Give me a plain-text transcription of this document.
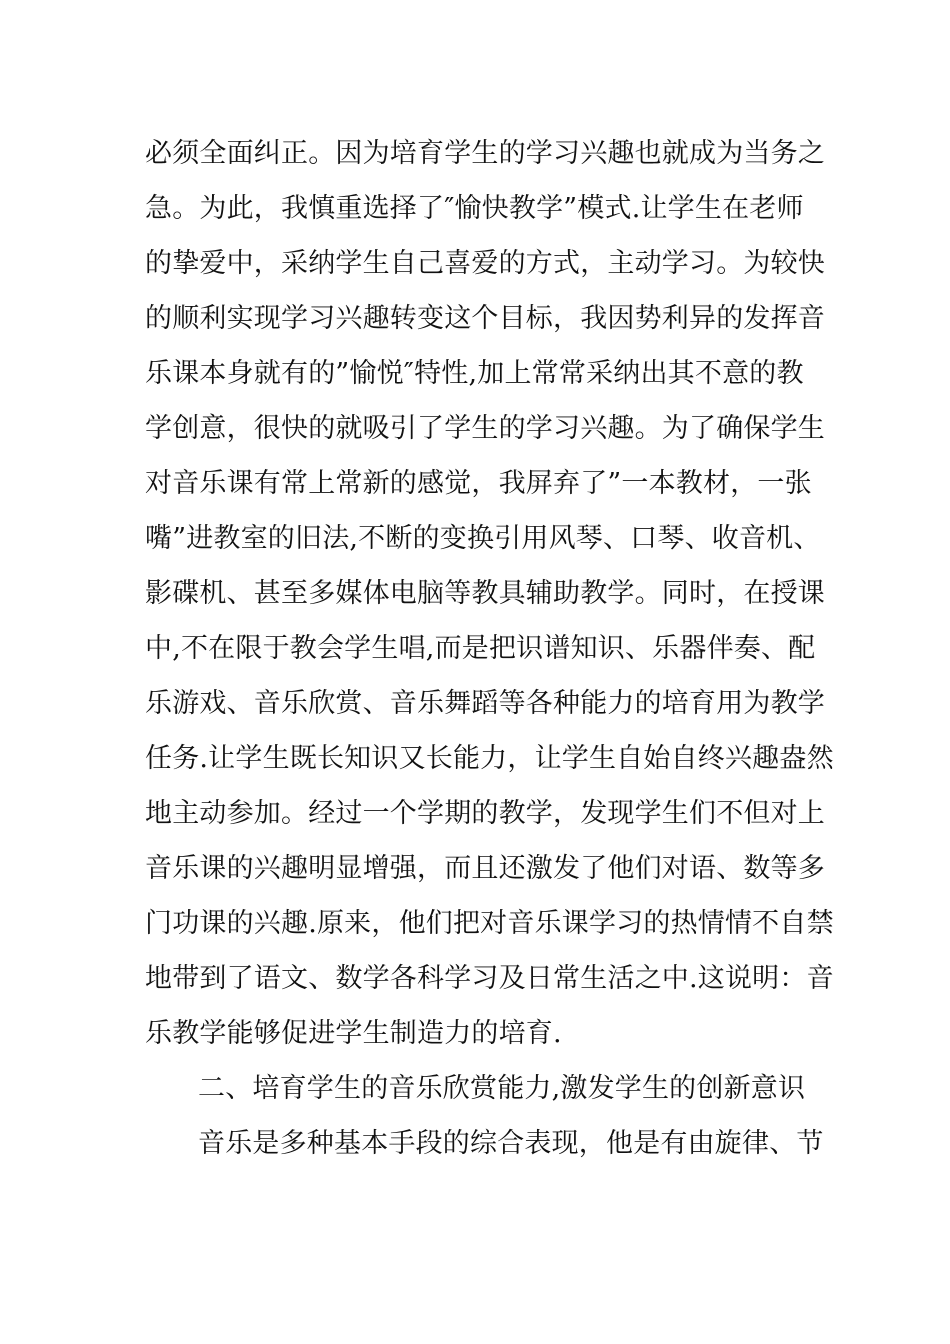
必须全面纠正。因为培育学生的学习兴趣也就成为当务之
急。为此，我慎重选择了″愉快教学”模式.让学生在老师
的挚爱中，采纳学生自己喜爱的方式，主动学习。为较快
的顺利实现学习兴趣转变这个目标，我因势利异的发挥音
乐课本身就有的”愉悦″特性,加上常常采纳出其不意的教
学创意，很快的就吸引了学生的学习兴趣。为了确保学生
对音乐课有常上常新的感觉，我屏弃了”一本教材，一张
嘴”进教室的旧法,不断的变换引用风琴、口琴、收音机、
影碟机、甚至多媒体电脑等教具辅助教学。同时，在授课
中,不在限于教会学生唱,而是把识谱知识、乐器伴奏、配
乐游戏、音乐欣赏、音乐舞蹈等各种能力的培育用为教学
任务.让学生既长知识又长能力，让学生自始自终兴趣盎然
地主动参加。经过一个学期的教学，发现学生们不但对上
音乐课的兴趣明显增强，而且还激发了他们对语、数等多
门功课的兴趣.原来，他们把对音乐课学习的热情情不自禁
地带到了语文、数学各科学习及日常生活之中.这说明：音
乐教学能够促进学生制造力的培育.
二、培育学生的音乐欣赏能力,激发学生的创新意识
音乐是多种基本手段的综合表现，他是有由旋律、节
